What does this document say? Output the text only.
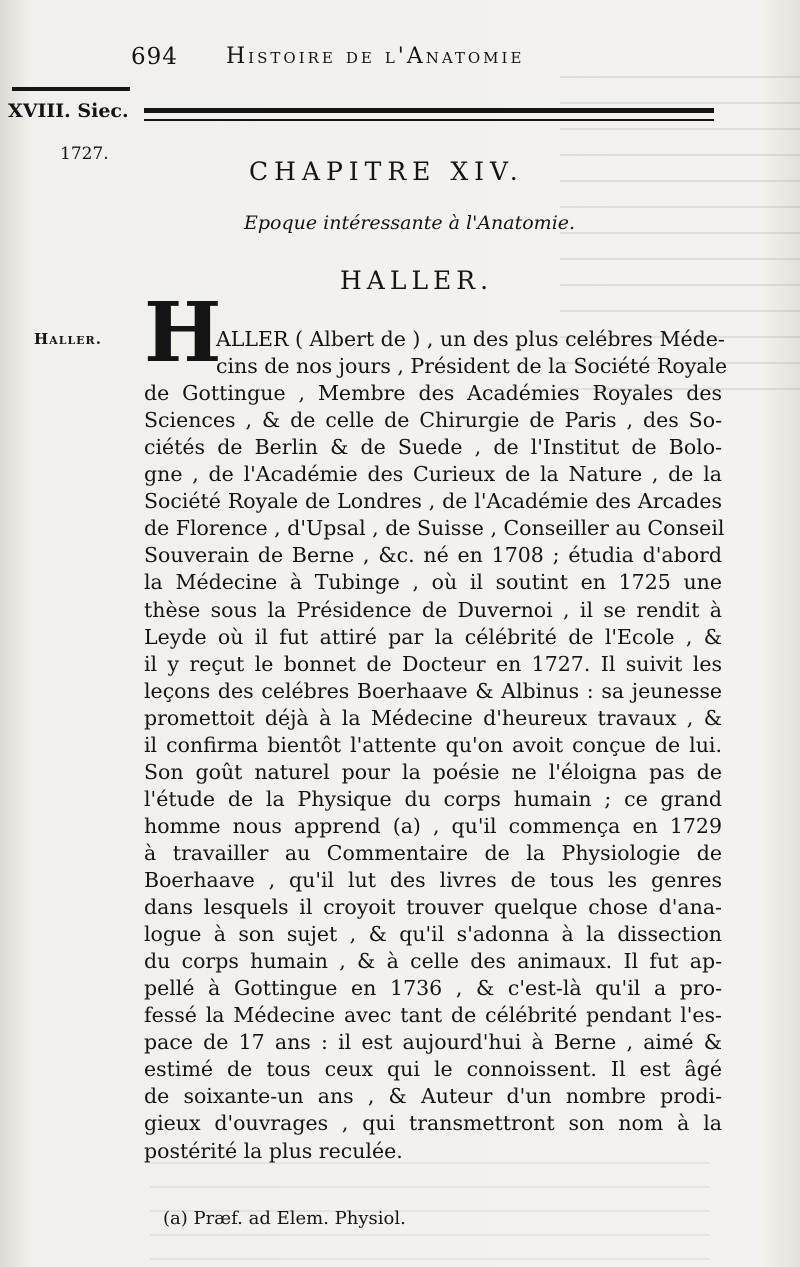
694 Histoire de l'Anatomie
XVIII. Siec.
1727.
Haller.
CHAPITRE XIV.
Epoque intéressante à l'Anatomie.
HALLER.
H
ALLER ( Albert de ) , un des plus celébres Méde-
cins de nos jours , Président de la Société Royale
de Gottingue , Membre des Académies Royales des
Sciences , & de celle de Chirurgie de Paris , des So-
ciétés de Berlin & de Suede , de l'Institut de Bolo-
gne , de l'Académie des Curieux de la Nature , de la
Société Royale de Londres , de l'Académie des Arcades
de Florence , d'Upsal , de Suisse , Conseiller au Conseil
Souverain de Berne , &c. né en 1708 ; étudia d'abord
la Médecine à Tubinge , où il soutint en 1725 une
thèse sous la Présidence de Duvernoi , il se rendit à
Leyde où il fut attiré par la célébrité de l'Ecole , &
il y reçut le bonnet de Docteur en 1727. Il suivit les
leçons des celébres Boerhaave & Albinus : sa jeunesse
promettoit déjà à la Médecine d'heureux travaux , &
il confirma bientôt l'attente qu'on avoit conçue de lui.
Son goût naturel pour la poésie ne l'éloigna pas de
l'étude de la Physique du corps humain ; ce grand
homme nous apprend (a) , qu'il commença en 1729
à travailler au Commentaire de la Physiologie de
Boerhaave , qu'il lut des livres de tous les genres
dans lesquels il croyoit trouver quelque chose d'ana-
logue à son sujet , & qu'il s'adonna à la dissection
du corps humain , & à celle des animaux. Il fut ap-
pellé à Gottingue en 1736 , & c'est-là qu'il a pro-
fessé la Médecine avec tant de célébrité pendant l'es-
pace de 17 ans : il est aujourd'hui à Berne , aimé &
estimé de tous ceux qui le connoissent. Il est âgé
de soixante-un ans , & Auteur d'un nombre prodi-
gieux d'ouvrages , qui transmettront son nom à la
postérité la plus reculée.
(a) Præf. ad Elem. Physiol.
